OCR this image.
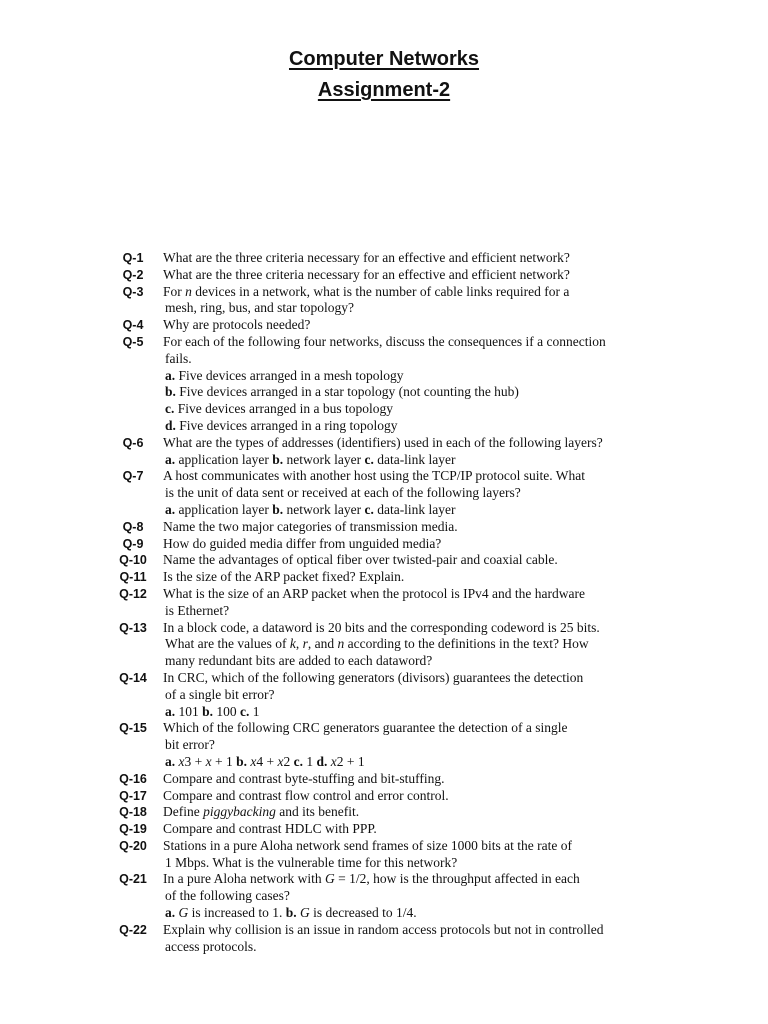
Computer Networks
Assignment-2
Q-1	What are the three criteria necessary for an effective and efficient network?
Q-2	What are the three criteria necessary for an effective and efficient network?
Q-3	For n devices in a network, what is the number of cable links required for a
mesh, ring, bus, and star topology?
Q-4	Why are protocols needed?
Q-5	For each of the following four networks, discuss the consequences if a connection
fails.
a. Five devices arranged in a mesh topology
b. Five devices arranged in a star topology (not counting the hub)
c. Five devices arranged in a bus topology
d. Five devices arranged in a ring topology
Q-6	What are the types of addresses (identifiers) used in each of the following layers?
a. application layer b. network layer c. data-link layer
Q-7	A host communicates with another host using the TCP/IP protocol suite. What
is the unit of data sent or received at each of the following layers?
a. application layer b. network layer c. data-link layer
Q-8	Name the two major categories of transmission media.
Q-9	How do guided media differ from unguided media?
Q-10	Name the advantages of optical fiber over twisted-pair and coaxial cable.
Q-11	Is the size of the ARP packet fixed? Explain.
Q-12	What is the size of an ARP packet when the protocol is IPv4 and the hardware
is Ethernet?
Q-13	In a block code, a dataword is 20 bits and the corresponding codeword is 25 bits.
What are the values of k, r, and n according to the definitions in the text? How
many redundant bits are added to each dataword?
Q-14	In CRC, which of the following generators (divisors) guarantees the detection
of a single bit error?
a. 101 b. 100 c. 1
Q-15	Which of the following CRC generators guarantee the detection of a single
bit error?
a. x3 + x + 1 b. x4 + x2 c. 1 d. x2 + 1
Q-16	Compare and contrast byte-stuffing and bit-stuffing.
Q-17	Compare and contrast flow control and error control.
Q-18	Define piggybacking and its benefit.
Q-19	Compare and contrast HDLC with PPP.
Q-20	Stations in a pure Aloha network send frames of size 1000 bits at the rate of
1 Mbps. What is the vulnerable time for this network?
Q-21	In a pure Aloha network with G = 1/2, how is the throughput affected in each
of the following cases?
a. G is increased to 1. b. G is decreased to 1/4.
Q-22	Explain why collision is an issue in random access protocols but not in controlled
access protocols.
